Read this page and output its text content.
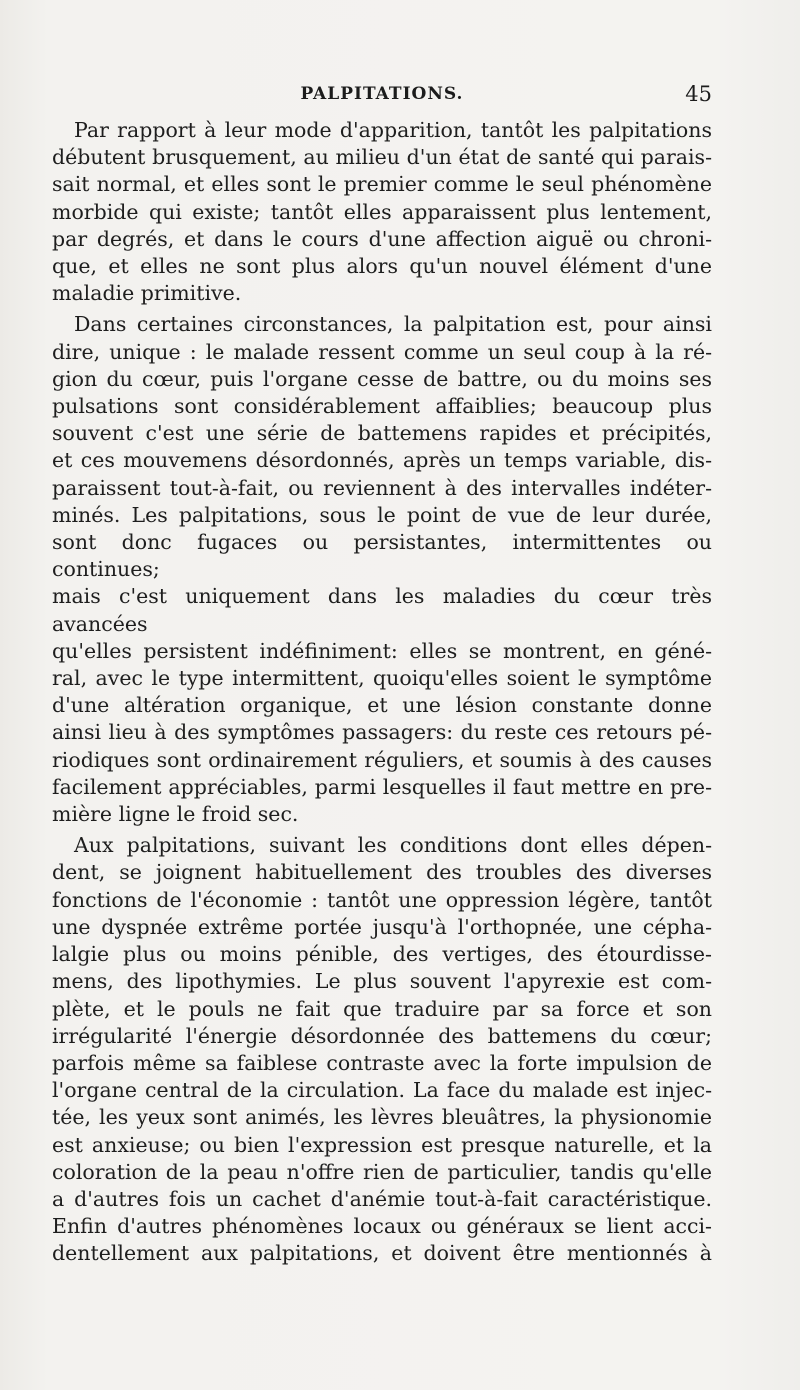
PALPITATIONS.	45

Par rapport à leur mode d'apparition, tantôt les palpitations

débutent brusquement, au milieu d'un état de santé qui parais-

sait normal, et elles sont le premier comme le seul phénomène

morbide qui existe; tantôt elles apparaissent plus lentement,

par degrés, et dans le cours d'une affection aiguë ou chroni-

que, et elles ne sont plus alors qu'un nouvel élément d'une

maladie primitive.

Dans certaines circonstances, la palpitation est, pour ainsi

dire, unique : le malade ressent comme un seul coup à la ré-

gion du cœur, puis l'organe cesse de battre, ou du moins ses

pulsations sont considérablement affaiblies; beaucoup plus

souvent c'est une série de battemens rapides et précipités,

et ces mouvemens désordonnés, après un temps variable, dis-

paraissent tout-à-fait, ou reviennent à des intervalles indéter-

minés. Les palpitations, sous le point de vue de leur durée,

sont donc fugaces ou persistantes, intermittentes ou continues;

mais c'est uniquement dans les maladies du cœur très avancées

qu'elles persistent indéfiniment: elles se montrent, en géné-

ral, avec le type intermittent, quoiqu'elles soient le symptôme

d'une altération organique, et une lésion constante donne

ainsi lieu à des symptômes passagers: du reste ces retours pé-

riodiques sont ordinairement réguliers, et soumis à des causes

facilement appréciables, parmi lesquelles il faut mettre en pre-

mière ligne le froid sec.

Aux palpitations, suivant les conditions dont elles dépen-

dent, se joignent habituellement des troubles des diverses

fonctions de l'économie : tantôt une oppression légère, tantôt

une dyspnée extrême portée jusqu'à l'orthopnée, une cépha-

lalgie plus ou moins pénible, des vertiges, des étourdisse-

mens, des lipothymies. Le plus souvent l'apyrexie est com-

plète, et le pouls ne fait que traduire par sa force et son

irrégularité l'énergie désordonnée des battemens du cœur;

parfois même sa faiblese contraste avec la forte impulsion de

l'organe central de la circulation. La face du malade est injec-

tée, les yeux sont animés, les lèvres bleuâtres, la physionomie

est anxieuse; ou bien l'expression est presque naturelle, et la

coloration de la peau n'offre rien de particulier, tandis qu'elle

a d'autres fois un cachet d'anémie tout-à-fait caractéristique.

Enfin d'autres phénomènes locaux ou généraux se lient acci-

dentellement aux palpitations, et doivent être mentionnés à
